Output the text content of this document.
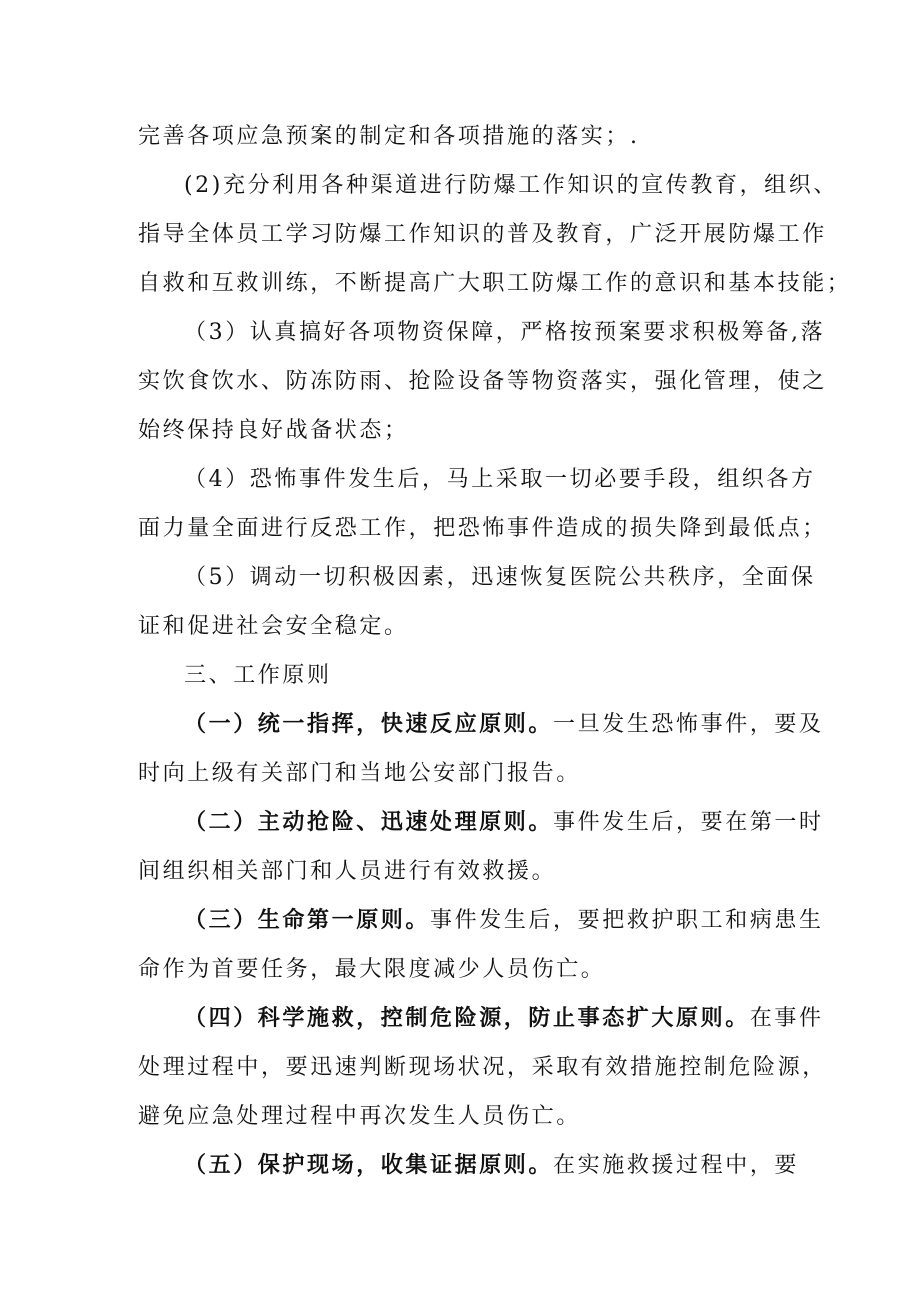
完善各项应急预案的制定和各项措施的落实；.

(2)充分利用各种渠道进行防爆工作知识的宣传教育，组织、

指导全体员工学习防爆工作知识的普及教育，广泛开展防爆工作

自救和互救训练，不断提高广大职工防爆工作的意识和基本技能；

（3）认真搞好各项物资保障，严格按预案要求积极筹备,落

实饮食饮水、防冻防雨、抢险设备等物资落实，强化管理，使之

始终保持良好战备状态；

（4）恐怖事件发生后，马上采取一切必要手段，组织各方

面力量全面进行反恐工作，把恐怖事件造成的损失降到最低点；

（5）调动一切积极因素，迅速恢复医院公共秩序，全面保

证和促进社会安全稳定。

三、工作原则

（一）统一指挥，快速反应原则。一旦发生恐怖事件，要及

时向上级有关部门和当地公安部门报告。

（二）主动抢险、迅速处理原则。事件发生后，要在第一时

间组织相关部门和人员进行有效救援。

（三）生命第一原则。事件发生后，要把救护职工和病患生

命作为首要任务，最大限度减少人员伤亡。

（四）科学施救，控制危险源，防止事态扩大原则。在事件

处理过程中，要迅速判断现场状况，采取有效措施控制危险源，

避免应急处理过程中再次发生人员伤亡。

（五）保护现场，收集证据原则。在实施救援过程中，要
